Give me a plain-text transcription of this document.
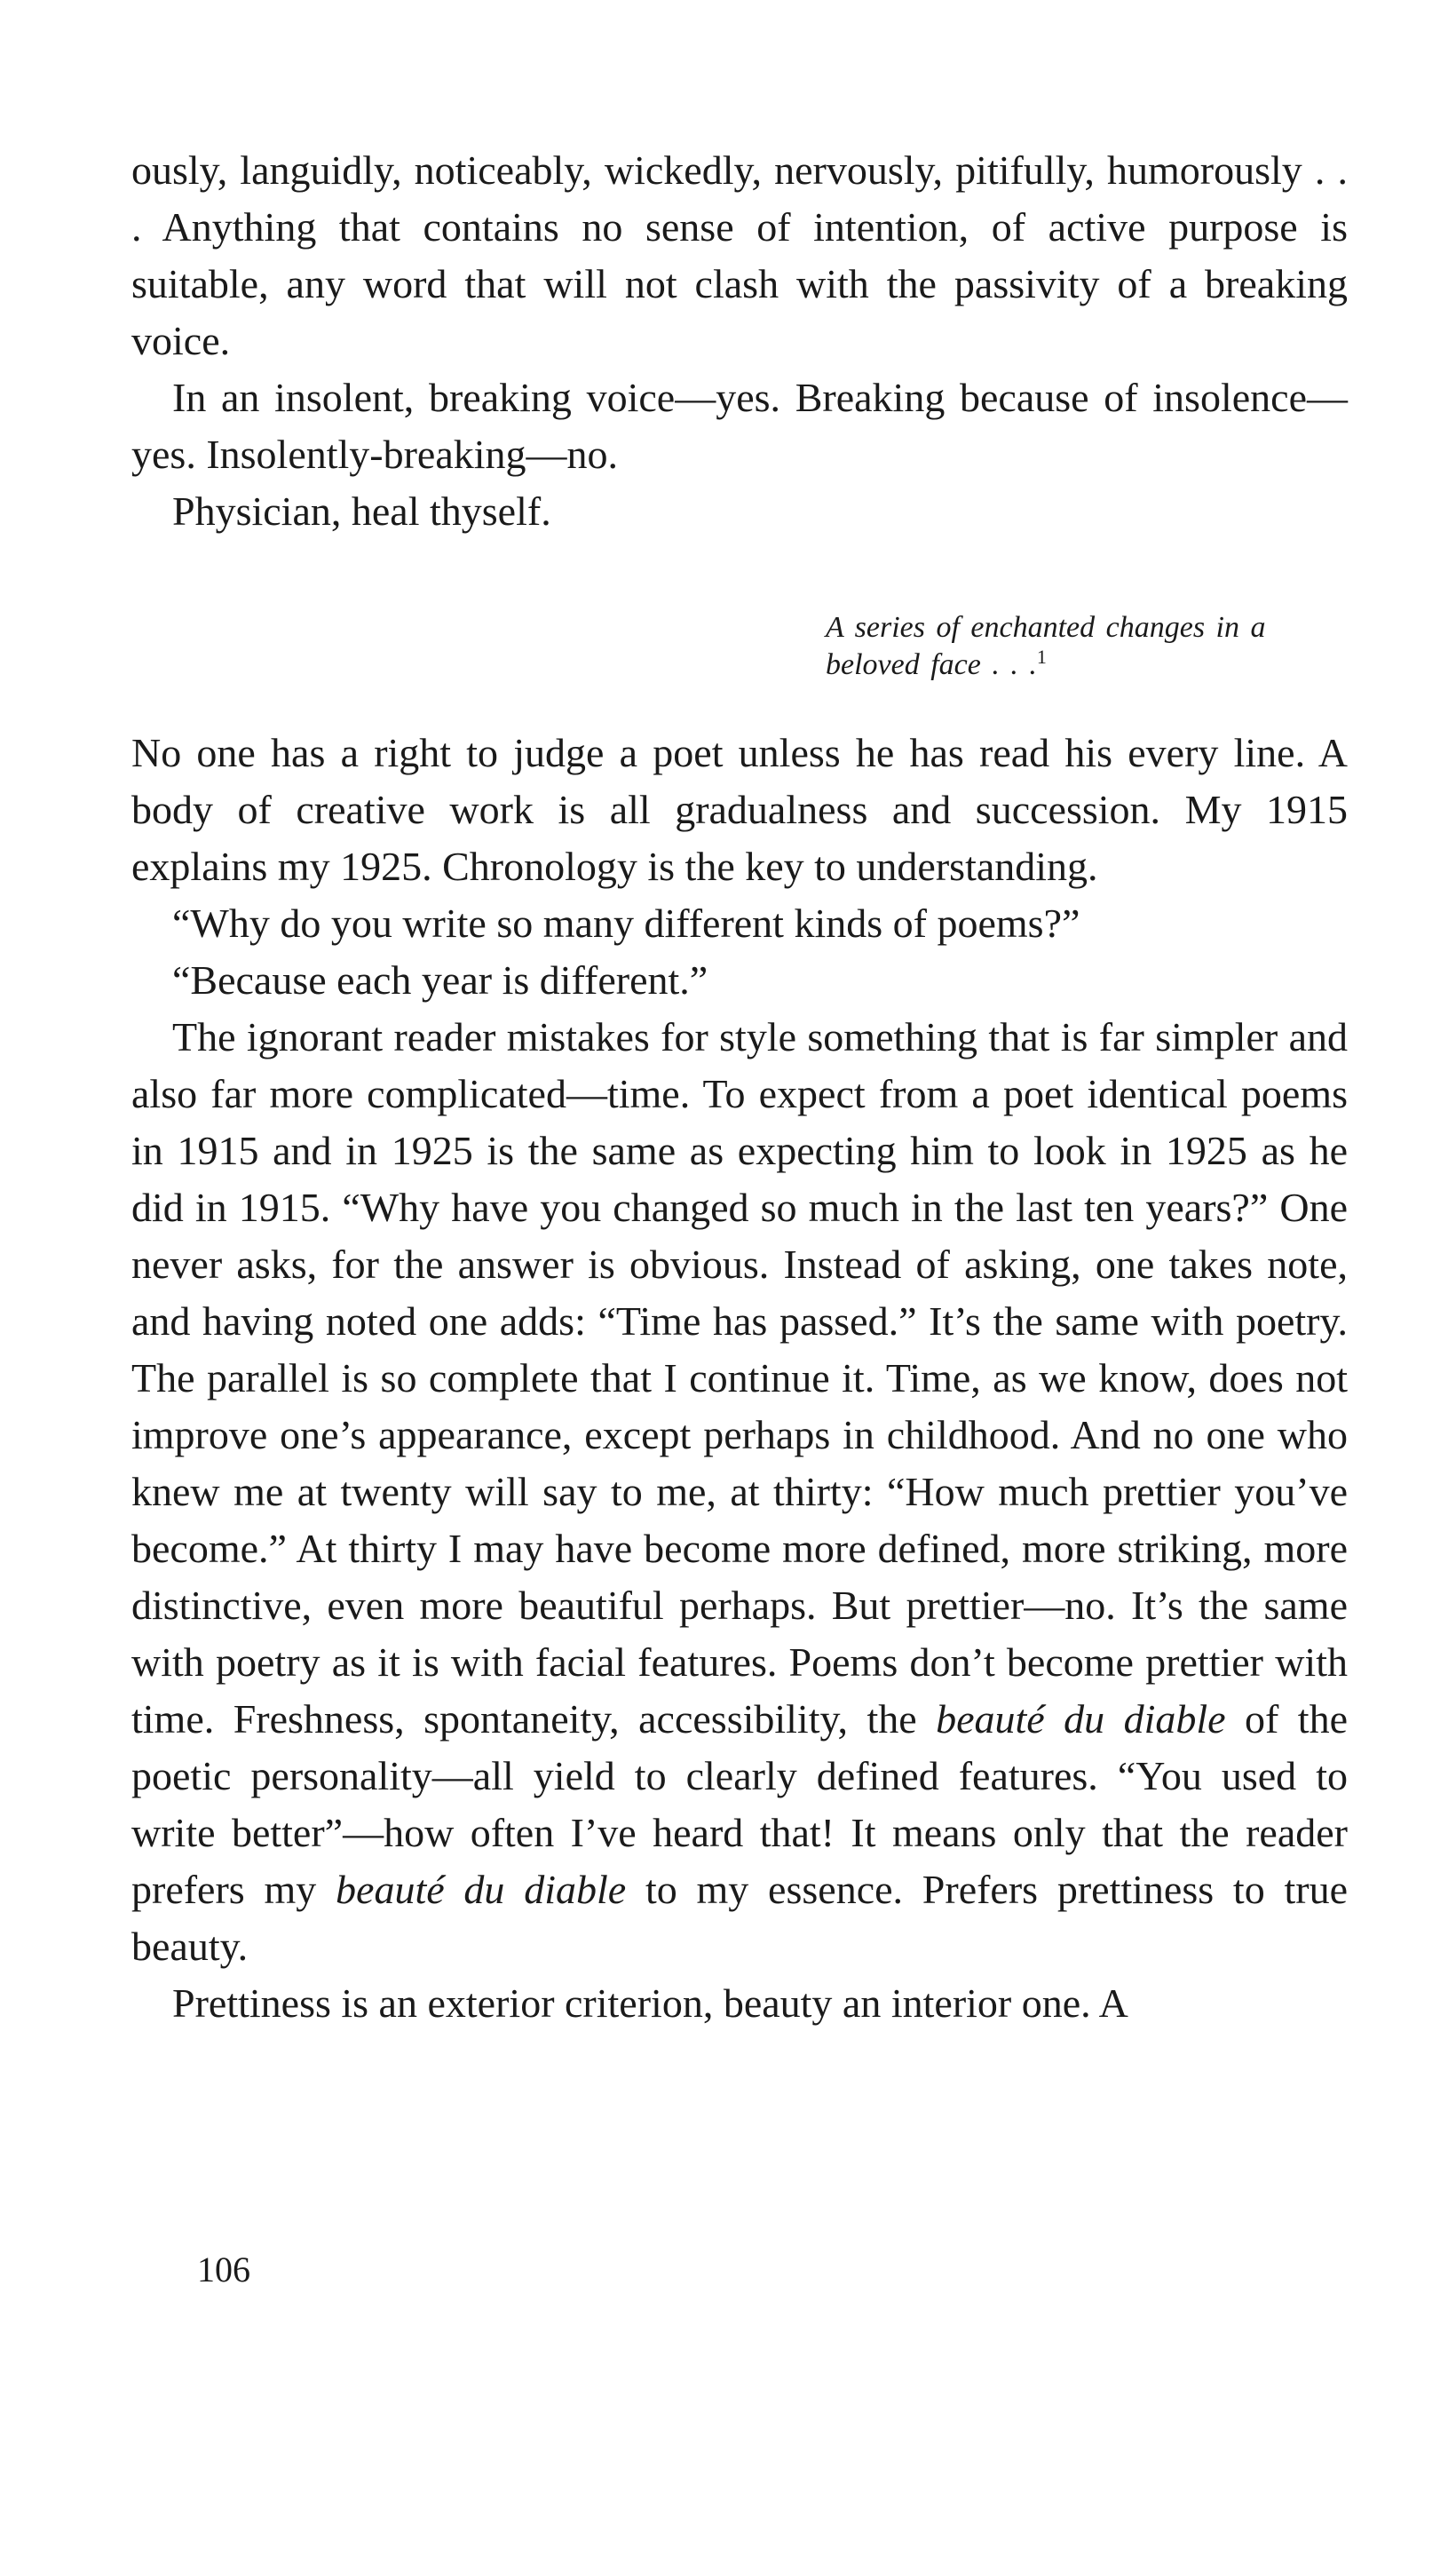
ously, languidly, noticeably, wickedly, nervously, pitifully, humorously . . . Anything that contains no sense of intention, of active purpose is suitable, any word that will not clash with the passivity of a breaking voice.

In an insolent, breaking voice—yes. Breaking because of insolence—yes. Insolently-breaking—no.

Physician, heal thyself.

A series of enchanted changes in a beloved face . . .$^1$

No one has a right to judge a poet unless he has read his every line. A body of creative work is all gradualness and succession. My 1915 explains my 1925. Chronology is the key to understanding.

“Why do you write so many different kinds of poems?”

“Because each year is different.”

The ignorant reader mistakes for style something that is far simpler and also far more complicated—time. To expect from a poet identical poems in 1915 and in 1925 is the same as expecting him to look in 1925 as he did in 1915. “Why have you changed so much in the last ten years?” One never asks, for the answer is obvious. Instead of asking, one takes note, and having noted one adds: “Time has passed.” It’s the same with poetry. The parallel is so complete that I continue it. Time, as we know, does not improve one’s appearance, except perhaps in childhood. And no one who knew me at twenty will say to me, at thirty: “How much prettier you’ve become.” At thirty I may have become more defined, more striking, more distinctive, even more beautiful perhaps. But prettier—no. It’s the same with poetry as it is with facial features. Poems don’t become prettier with time. Freshness, spontaneity, accessibility, the beauté du diable of the poetic personality—all yield to clearly defined features. “You used to write better”—how often I’ve heard that! It means only that the reader prefers my beauté du diable to my essence. Prefers prettiness to true beauty.

Prettiness is an exterior criterion, beauty an interior one. A

106
